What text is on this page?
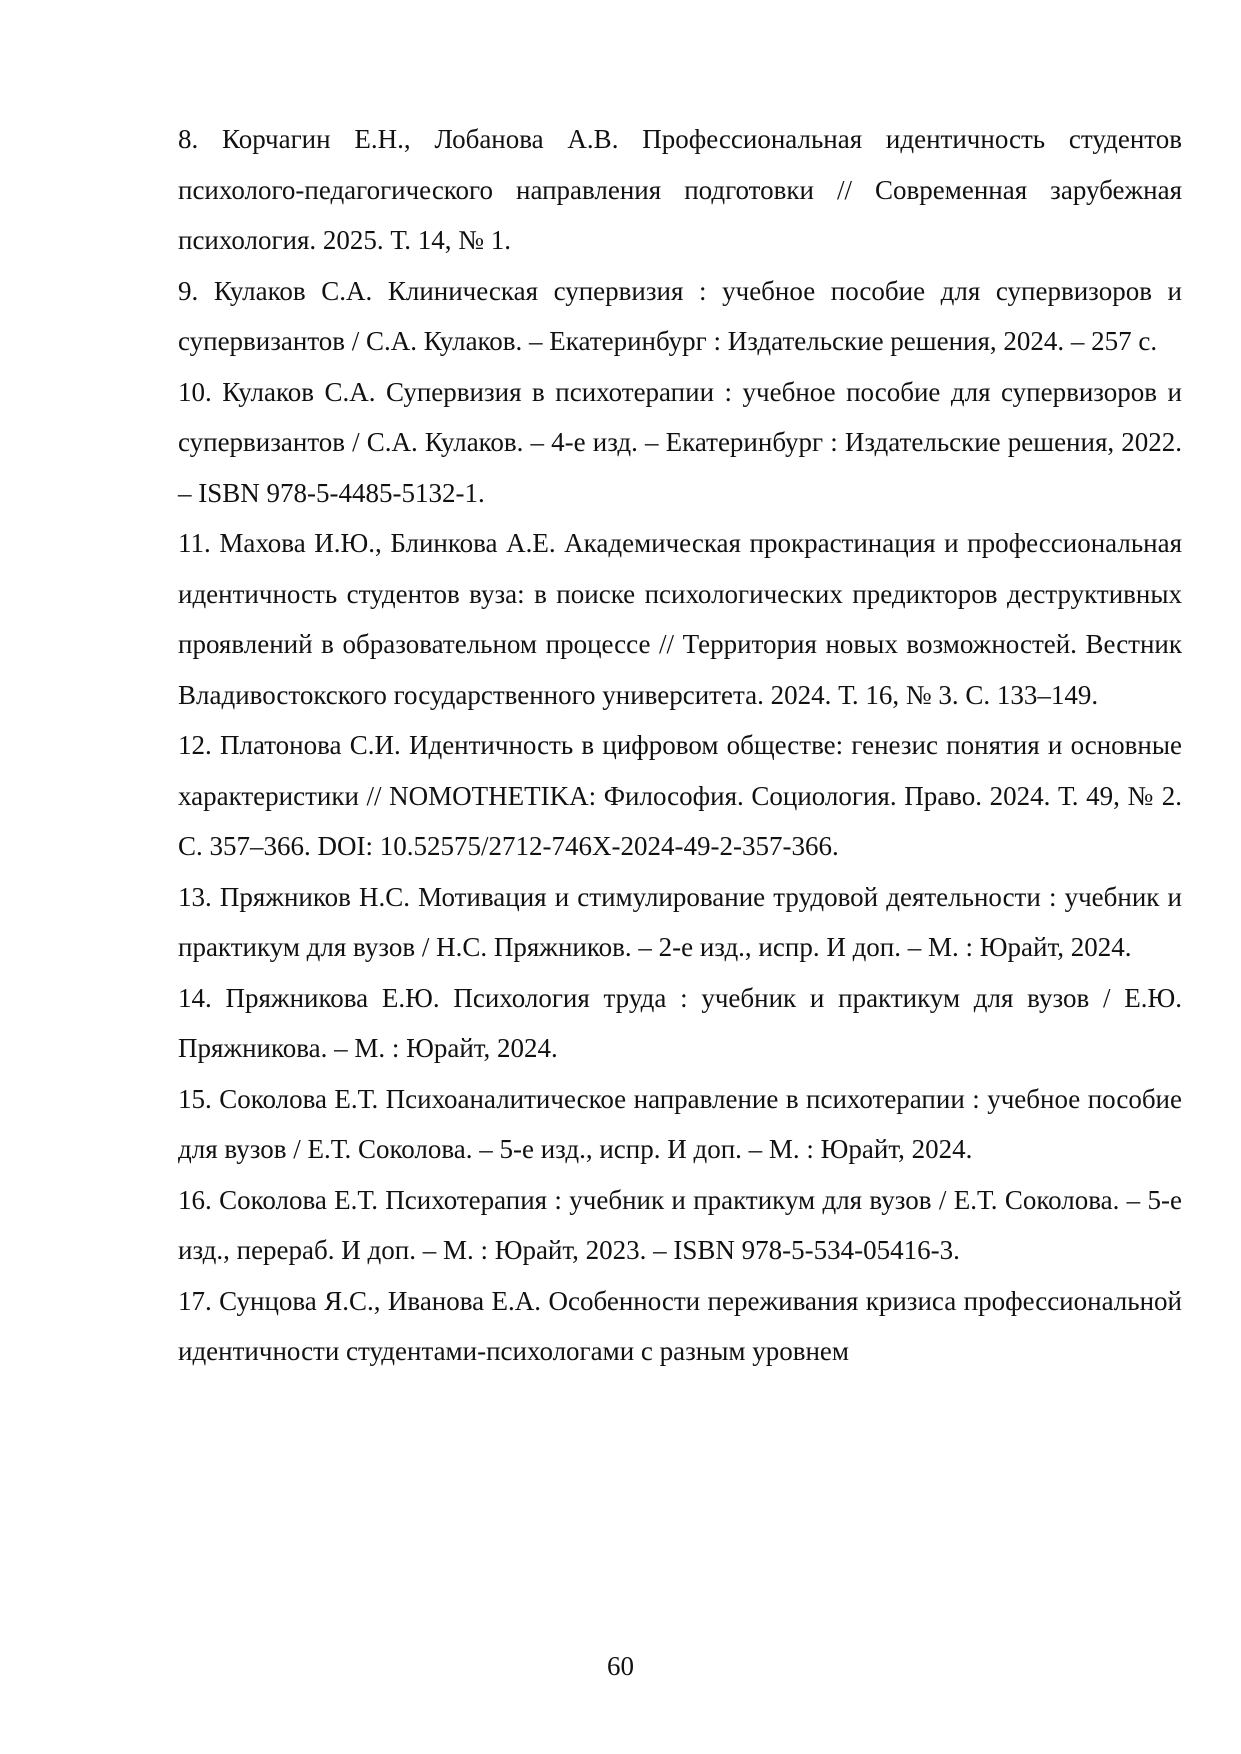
8. Корчагин Е.Н., Лобанова А.В. Профессиональная идентичность студентов психолого-педагогического направления подготовки // Современная зарубежная психология. 2025. Т. 14, № 1.

9. Кулаков С.А. Клиническая супервизия : учебное пособие для супервизоров и супервизантов / С.А. Кулаков. – Екатеринбург : Издательские решения, 2024. – 257 с.

10. Кулаков С.А. Супервизия в психотерапии : учебное пособие для супервизоров и супервизантов / С.А. Кулаков. – 4-е изд. – Екатеринбург : Издательские решения, 2022. – ISBN 978-5-4485-5132-1.

11. Махова И.Ю., Блинкова А.Е. Академическая прокрастинация и профессиональная идентичность студентов вуза: в поиске психологических предикторов деструктивных проявлений в образовательном процессе // Территория новых возможностей. Вестник Владивостокского государственного университета. 2024. Т. 16, № 3. С. 133–149.

12. Платонова С.И. Идентичность в цифровом обществе: генезис понятия и основные характеристики // NOMOTHETIKA: Философия. Социология. Право. 2024. Т. 49, № 2. С. 357–366. DOI: 10.52575/2712-746X-2024-49-2-357-366.

13. Пряжников Н.С. Мотивация и стимулирование трудовой деятельности : учебник и практикум для вузов / Н.С. Пряжников. – 2-е изд., испр. И доп. – М. : Юрайт, 2024.

14. Пряжникова Е.Ю. Психология труда : учебник и практикум для вузов / Е.Ю. Пряжникова. – М. : Юрайт, 2024.

15. Соколова Е.Т. Психоаналитическое направление в психотерапии : учебное пособие для вузов / Е.Т. Соколова. – 5-е изд., испр. И доп. – М. : Юрайт, 2024.

16. Соколова Е.Т. Психотерапия : учебник и практикум для вузов / Е.Т. Соколова. – 5-е изд., перераб. И доп. – М. : Юрайт, 2023. – ISBN 978-5-534-05416-3.

17. Сунцова Я.С., Иванова Е.А. Особенности переживания кризиса профессиональной идентичности студентами-психологами с разным уровнем

60
